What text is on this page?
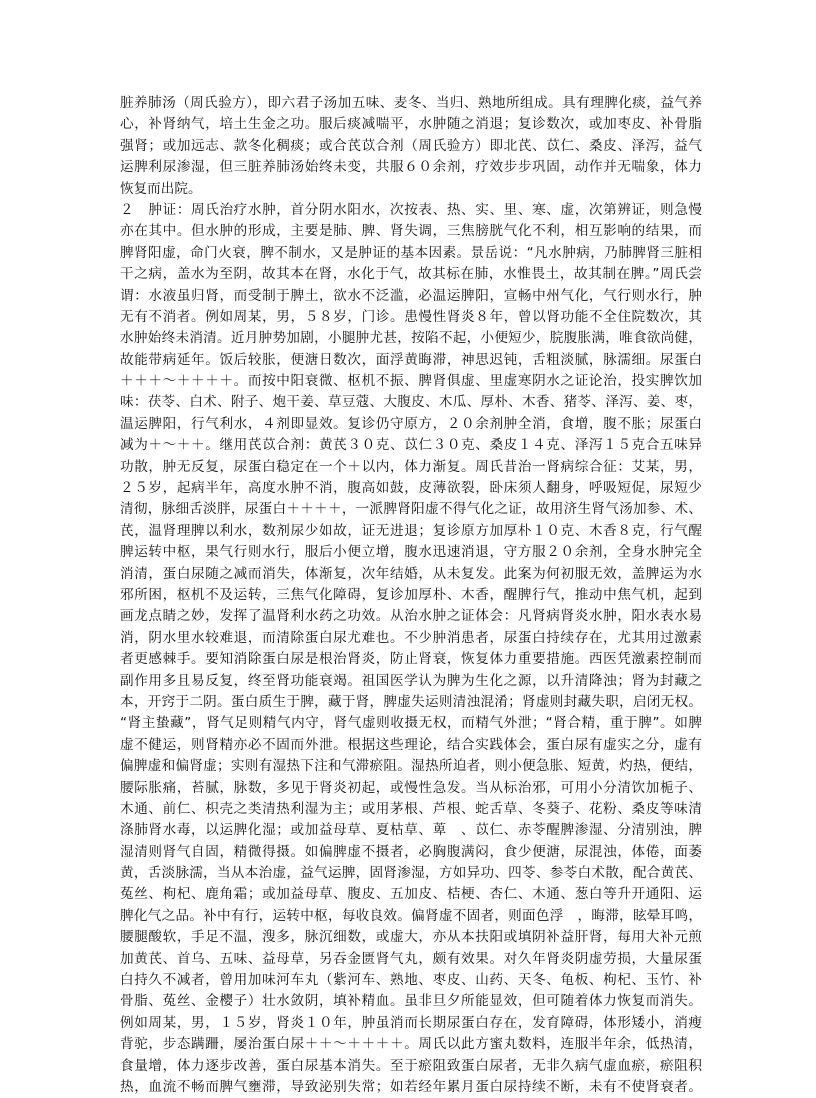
脏养肺汤（周氏验方），即六君子汤加五味、麦冬、当归、熟地所组成。具有理脾化痰，益气养
心，补肾纳气，培土生金之功。服后痰减喘平，水肿随之消退；复诊数次，或加枣皮、补骨脂
强肾；或加远志、款冬化稠痰；或合芪苡合剂（周氏验方）即北芪、苡仁、桑皮、泽泻，益气
运脾利尿渗湿，但三脏养肺汤始终未变，共服６０余剂，疗效步步巩固，动作并无喘象，体力
恢复而出院。
２　肿证：周氏治疗水肿，首分阴水阳水，次按表、热、实、里、寒、虚，次第辨证，则急慢
亦在其中。但水肿的形成，主要是肺、脾、肾失调，三焦膀胱气化不利，相互影响的结果，而
脾肾阳虚，命门火衰，脾不制水，又是肿证的基本因素。景岳说：“凡水肿病，乃肺脾肾三脏相
干之病，盖水为至阴，故其本在肾，水化于气，故其标在肺，水惟畏土，故其制在脾。”周氏尝
谓：水液虽归肾，而受制于脾土，欲水不泛滥，必温运脾阳，宣畅中州气化，气行则水行，肿
无有不消者。例如周某，男，５８岁，门诊。患慢性肾炎８年，曾以肾功能不全住院数次，其
水肿始终未消清。近月肿势加剧，小腿肿尤甚，按陷不起，小便短少，脘腹胀满，唯食欲尚健，
故能带病延年。饭后较胀，便溏日数次，面浮黄晦滞，神思迟钝，舌粗淡腻，脉濡细。尿蛋白
＋＋＋～＋＋＋＋。而按中阳衰微、枢机不振、脾肾俱虚、里虚寒阴水之证论治，投实脾饮加
味：茯苓、白术、附子、炮干姜、草豆蔻、大腹皮、木瓜、厚朴、木香、猪苓、泽泻、姜、枣，
温运脾阳，行气利水，４剂即显效。复诊仍守原方，２０余剂肿全消，食增，腹不胀；尿蛋白
减为＋～＋＋。继用芪苡合剂：黄芪３０克、苡仁３０克、桑皮１４克、泽泻１５克合五味异
功散，肿无反复，尿蛋白稳定在一个＋以内，体力渐复。周氏昔治一肾病综合征：艾某，男，
２５岁，起病半年，高度水肿不消，腹高如鼓，皮薄欲裂，卧床须人翻身，呼吸短促，尿短少
清彻，脉细舌淡胖，尿蛋白＋＋＋＋，一派脾肾阳虚不得气化之证，故用济生肾气汤加参、术、
芪，温肾理脾以利水，数剂尿少如故，证无进退；复诊原方加厚朴１０克、木香８克，行气醒
脾运转中枢，果气行则水行，服后小便立增，腹水迅速消退，守方服２０余剂，全身水肿完全
消清，蛋白尿随之减而消失，体渐复，次年结婚，从未复发。此案为何初服无效，盖脾运为水
邪所困，枢机不及运转，三焦气化障碍，复诊加厚朴、木香，醒脾行气，推动中焦气机，起到
画龙点睛之妙，发挥了温肾利水药之功效。从治水肿之证体会：凡肾病肾炎水肿，阳水表水易
消，阴水里水较难退，而清除蛋白尿尤难也。不少肿消患者，尿蛋白持续存在，尤其用过激素
者更感棘手。要知消除蛋白尿是根治肾炎，防止肾衰，恢复体力重要措施。西医凭激素控制而
副作用多且易反复，终至肾功能衰竭。祖国医学认为脾为生化之源，以升清降浊；肾为封藏之
本，开窍于二阴。蛋白质生于脾，藏于肾，脾虚失运则清浊混淆；肾虚则封藏失职，启闭无权。
“肾主蛰藏”，肾气足则精气内守，肾气虚则收摄无权，而精气外泄；“肾合精，重于脾”。如脾
虚不健运，则肾精亦必不固而外泄。根据这些理论，结合实践体会，蛋白尿有虚实之分，虚有
偏脾虚和偏肾虚；实则有湿热下注和气滞瘀阻。湿热所迫者，则小便急胀、短黄，灼热，便结，
腰际胀痛，苔腻，脉数，多见于肾炎初起，或慢性急发。当从标治邪，可用小分清饮加栀子、
木通、前仁、枳壳之类清热利湿为主；或用茅根、芦根、蛇舌草、冬葵子、花粉、桑皮等味清
涤肺肾水毒，以运脾化湿；或加益母草、夏枯草、萆　、苡仁、赤苓醒脾渗湿、分清别浊，脾
湿清则肾气自固，精微得摄。如偏脾虚不摄者，必胸腹满闷，食少便溏，尿混浊，体倦，面萎
黄，舌淡脉濡，当从本治虚，益气运脾，固肾渗湿，方如异功、四苓、参苓白术散，配合黄芪、
菟丝、枸杞、鹿角霜；或加益母草、腹皮、五加皮、桔梗、杏仁、木通、葱白等升开通阳、运
脾化气之品。补中有行，运转中枢，每收良效。偏肾虚不固者，则面色浮　，晦滞，眩晕耳鸣，
腰腿酸软，手足不温，溲多，脉沉细数，或虚大，亦从本扶阳或填阴补益肝肾，每用大补元煎
加黄芪、首乌、五味、益母草，另吞金匮肾气丸，颇有效果。对久年肾炎阴虚劳损，大量尿蛋
白持久不减者，曾用加味河车丸（紫河车、熟地、枣皮、山药、天冬、龟板、枸杞、玉竹、补
骨脂、菟丝、金樱子）壮水敛阴，填补精血。虽非旦夕所能显效，但可随着体力恢复而消失。
例如周某，男，１５岁，肾炎１０年，肿虽消而长期尿蛋白存在，发育障碍，体形矮小，消瘦
背驼，步态蹒跚，屡治蛋白尿＋＋～＋＋＋＋。周氏以此方蜜丸数料，连服半年余，低热清，
食量增，体力逐步改善，蛋白尿基本消失。至于瘀阻致蛋白尿者，无非久病气虚血瘀，瘀阻积
热，血流不畅而脾气壅滞，导致泌别失常；如若经年累月蛋白尿持续不断，未有不使肾衰者。
